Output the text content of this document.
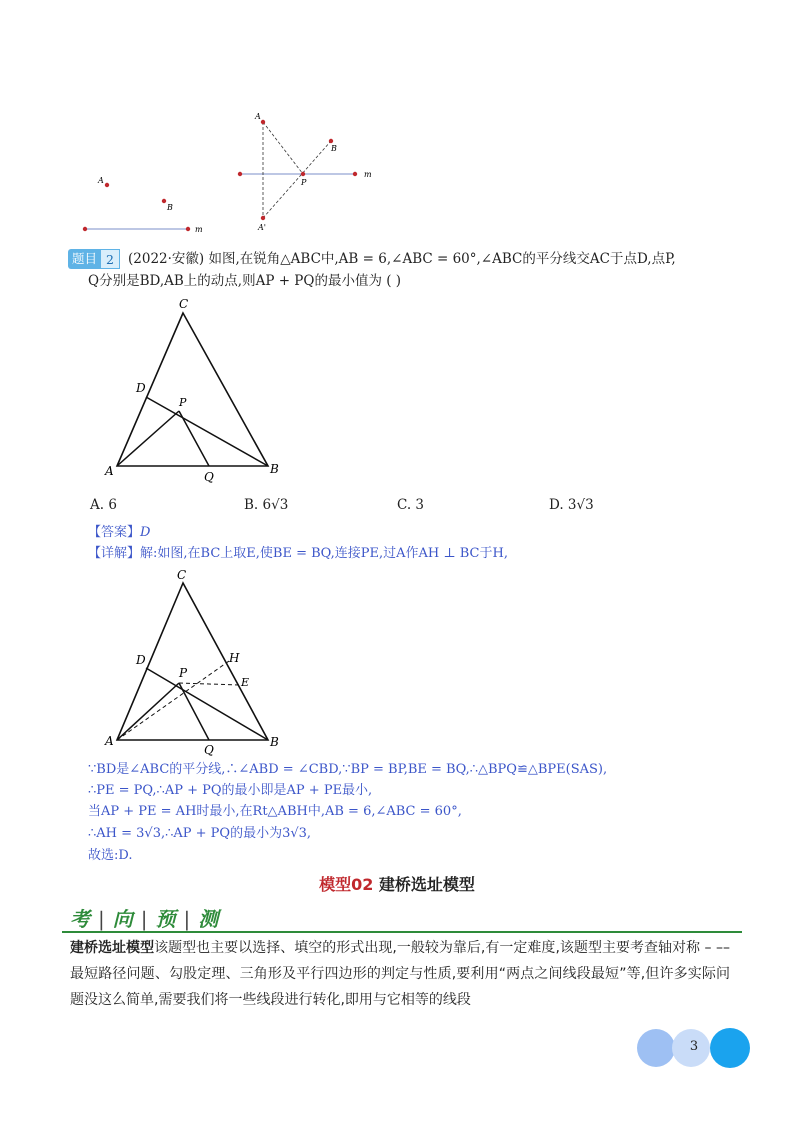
A
B
m
A
B
P
A'
m
题目 2	(2022·安徽) 如图,在锐角△ABC中,AB = 6,∠ABC = 60°,∠ABC的平分线交AC于点D,点P,
Q分别是BD,AB上的动点,则AP + PQ的最小值为 ( )
C
D
P
A	Q
B
A. 6	B. 6√3	C. 3	D. 3√3
【答案】D
【详解】解:如图,在BC上取E,使BE = BQ,连接PE,过A作AH ⊥ BC于H,
C
D
P
H
E
A
Q
B
∵BD是∠ABC的平分线,∴∠ABD = ∠CBD,∵BP = BP,BE = BQ,∴△BPQ≌△BPE(SAS),
∴PE = PQ,∴AP + PQ的最小即是AP + PE最小,
当AP + PE = AH时最小,在Rt△ABH中,AB = 6,∠ABC = 60°,
∴AH = 3√3,∴AP + PQ的最小为3√3,
故选:D.
模型02 建桥选址模型
考 | 向 | 预 | 测
建桥选址模型该题型也主要以选择、填空的形式出现,一般较为靠后,有一定难度,该题型主要考查轴对称 – –– 最短路径问题、勾股定理、三角形及平行四边形的判定与性质,要利用“两点之间线段最短”等,但许多实际问题没这么简单,需要我们将一些线段进行转化,即用与它相等的线段
3
